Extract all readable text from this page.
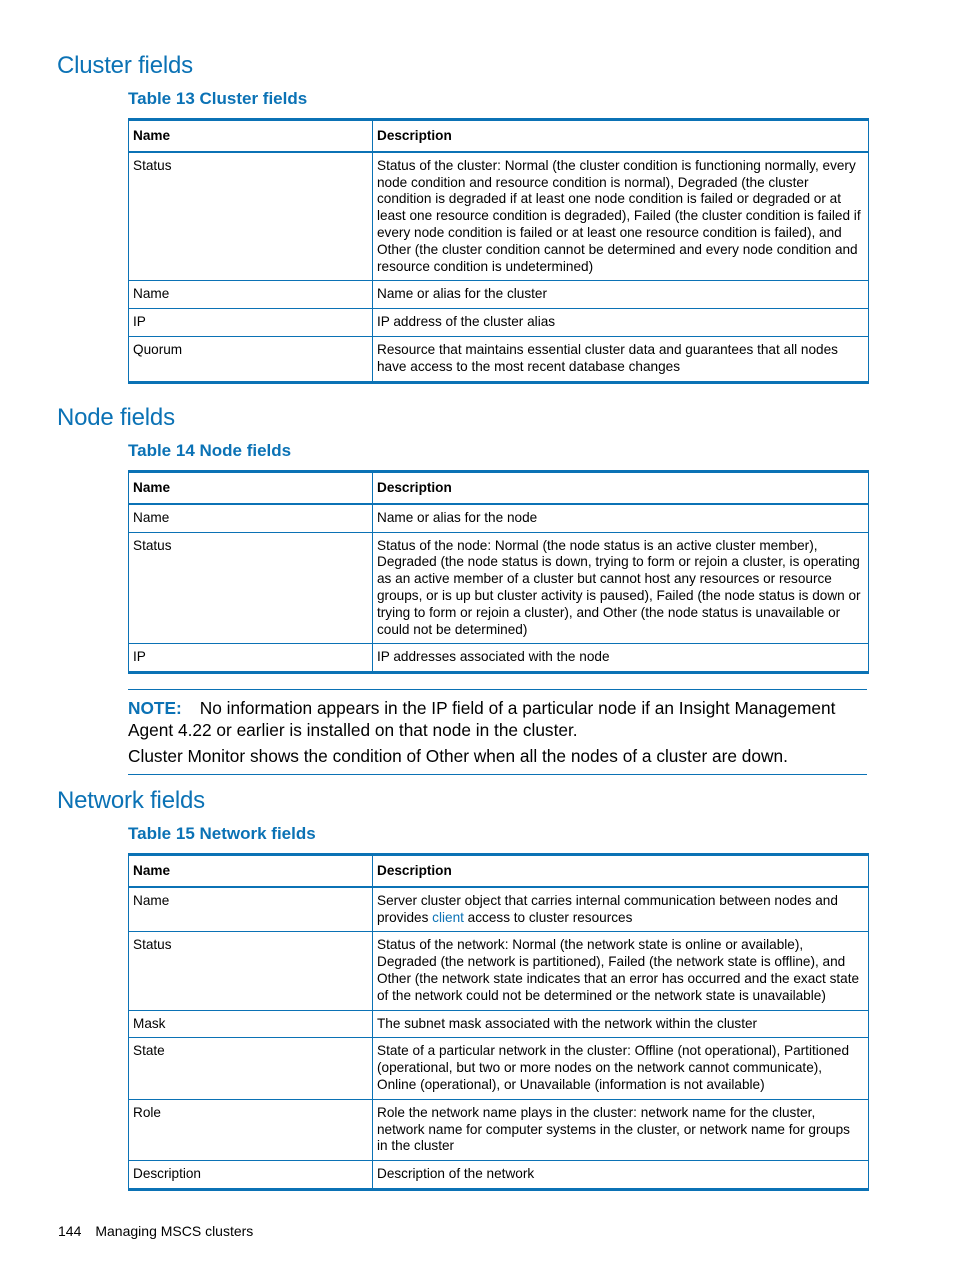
Cluster fields
Table 13 Cluster fields
Name	Description
Status	Status of the cluster: Normal (the cluster condition is functioning normally, every node condition and resource condition is normal), Degraded (the cluster condition is degraded if at least one node condition is failed or degraded or at least one resource condition is degraded), Failed (the cluster condition is failed if every node condition is failed or at least one resource condition is failed), and Other (the cluster condition cannot be determined and every node condition and resource condition is undetermined)
Name	Name or alias for the cluster
IP	IP address of the cluster alias
Quorum	Resource that maintains essential cluster data and guarantees that all nodes have access to the most recent database changes
Node fields
Table 14 Node fields
Name	Description
Name	Name or alias for the node
Status	Status of the node: Normal (the node status is an active cluster member), Degraded (the node status is down, trying to form or rejoin a cluster, is operating as an active member of a cluster but cannot host any resources or resource groups, or is up but cluster activity is paused), Failed (the node status is down or trying to form or rejoin a cluster), and Other (the node status is unavailable or could not be determined)
IP	IP addresses associated with the node

NOTE: No information appears in the IP field of a particular node if an Insight Management Agent 4.22 or earlier is installed on that node in the cluster.

Cluster Monitor shows the condition of Other when all the nodes of a cluster are down.

Network fields
Table 15 Network fields
Name	Description
Name	Server cluster object that carries internal communication between nodes and provides client access to cluster resources
Status	Status of the network: Normal (the network state is online or available), Degraded (the network is partitioned), Failed (the network state is offline), and Other (the network state indicates that an error has occurred and the exact state of the network could not be determined or the network state is unavailable)
Mask	The subnet mask associated with the network within the cluster
State	State of a particular network in the cluster: Offline (not operational), Partitioned (operational, but two or more nodes on the network cannot communicate), Online (operational), or Unavailable (information is not available)
Role	Role the network name plays in the cluster: network name for the cluster, network name for computer systems in the cluster, or network name for groups in the cluster
Description	Description of the network
144 Managing MSCS clusters
